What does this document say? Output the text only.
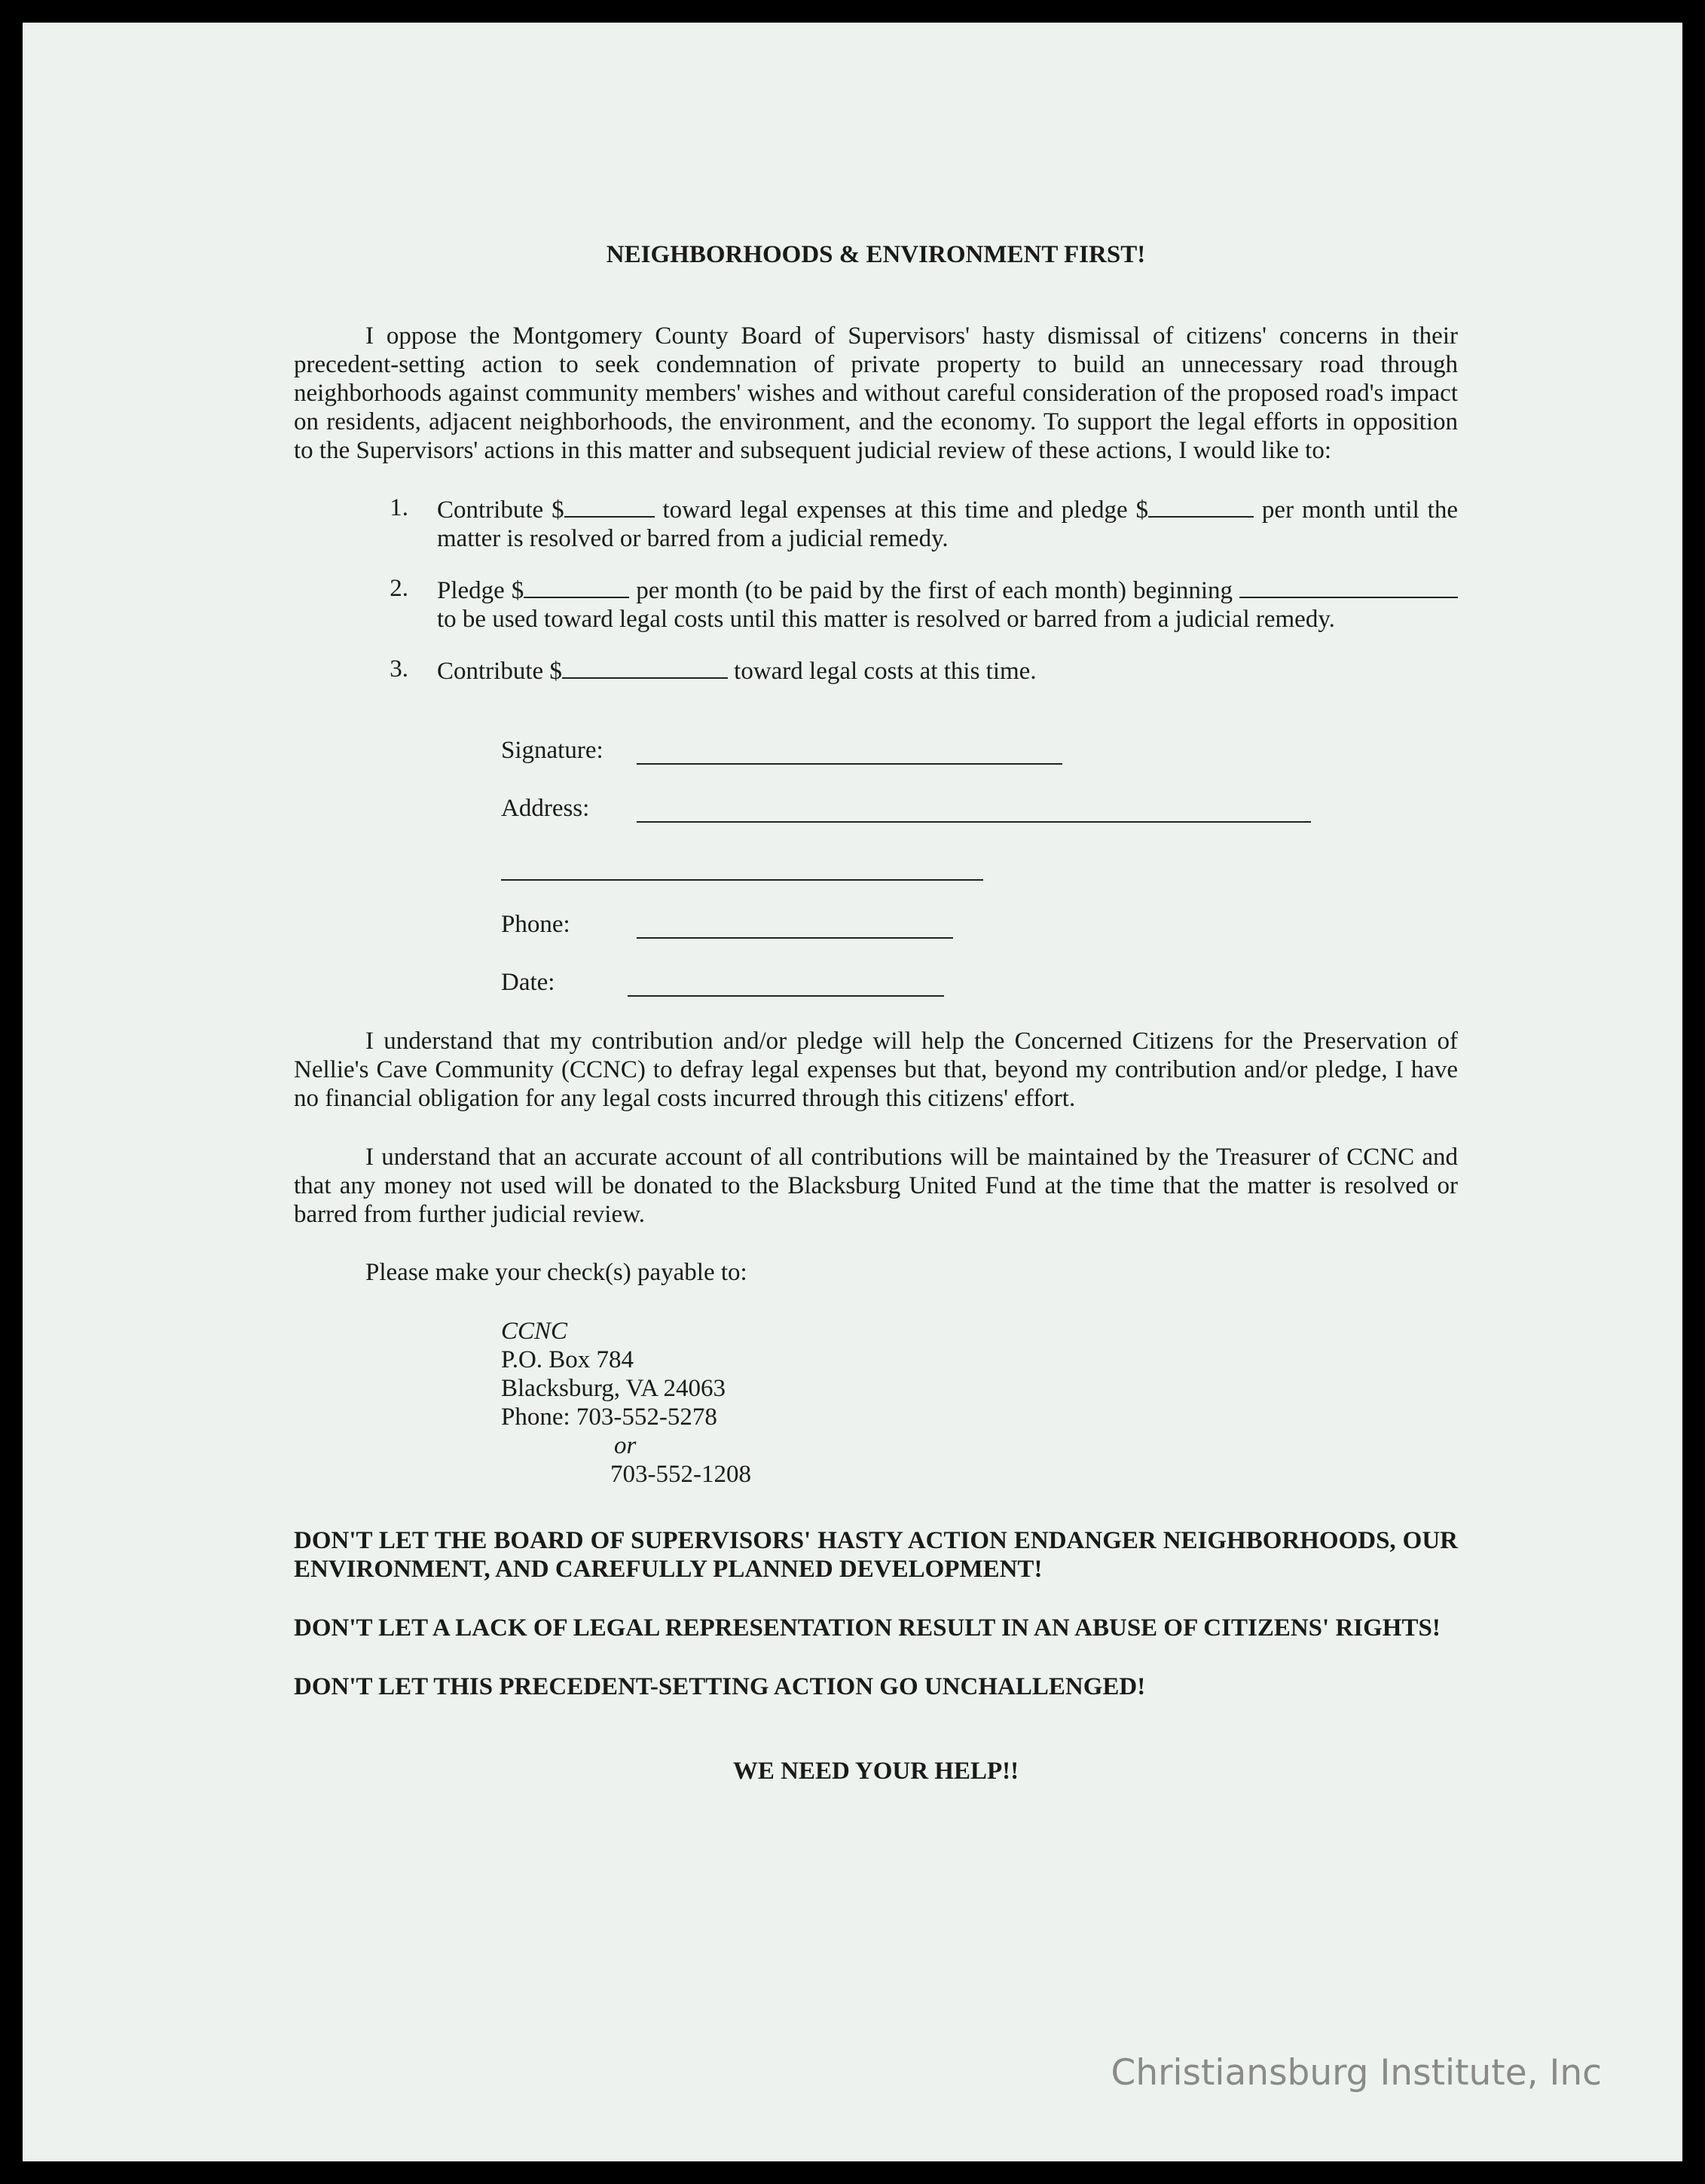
NEIGHBORHOODS & ENVIRONMENT FIRST!

I oppose the Montgomery County Board of Supervisors' hasty dismissal of citizens' concerns in their precedent-setting action to seek condemnation of private property to build an unnecessary road through neighborhoods against community members' wishes and without careful consideration of the proposed road's impact on residents, adjacent neighborhoods, the environment, and the economy. To support the legal efforts in opposition to the Supervisors' actions in this matter and subsequent judicial review of these actions, I would like to:

1.	Contribute $	toward legal expenses at this time and pledge $	per month until the matter is resolved or barred from a judicial remedy.
2.	Pledge $	per month (to be paid by the first of each month) beginning  to be used toward legal costs until this matter is resolved or barred from a judicial remedy.
3.	Contribute $	toward legal costs at this time.
Signature:
Address:
Phone:
Date:

I understand that my contribution and/or pledge will help the Concerned Citizens for the Preservation of Nellie's Cave Community (CCNC) to defray legal expenses but that, beyond my contribution and/or pledge, I have no financial obligation for any legal costs incurred through this citizens' effort.

I understand that an accurate account of all contributions will be maintained by the Treasurer of CCNC and that any money not used will be donated to the Blacksburg United Fund at the time that the matter is resolved or barred from further judicial review.

Please make your check(s) payable to:
CCNC
P.O. Box 784
Blacksburg, VA 24063
Phone: 703-552-5278
or
703-552-1208

DON'T LET THE BOARD OF SUPERVISORS' HASTY ACTION ENDANGER NEIGHBORHOODS, OUR ENVIRONMENT, AND CAREFULLY PLANNED DEVELOPMENT!

DON'T LET A LACK OF LEGAL REPRESENTATION RESULT IN AN ABUSE OF CITIZENS' RIGHTS!

DON'T LET THIS PRECEDENT-SETTING ACTION GO UNCHALLENGED!

WE NEED YOUR HELP!!
Christiansburg Institute, Inc
